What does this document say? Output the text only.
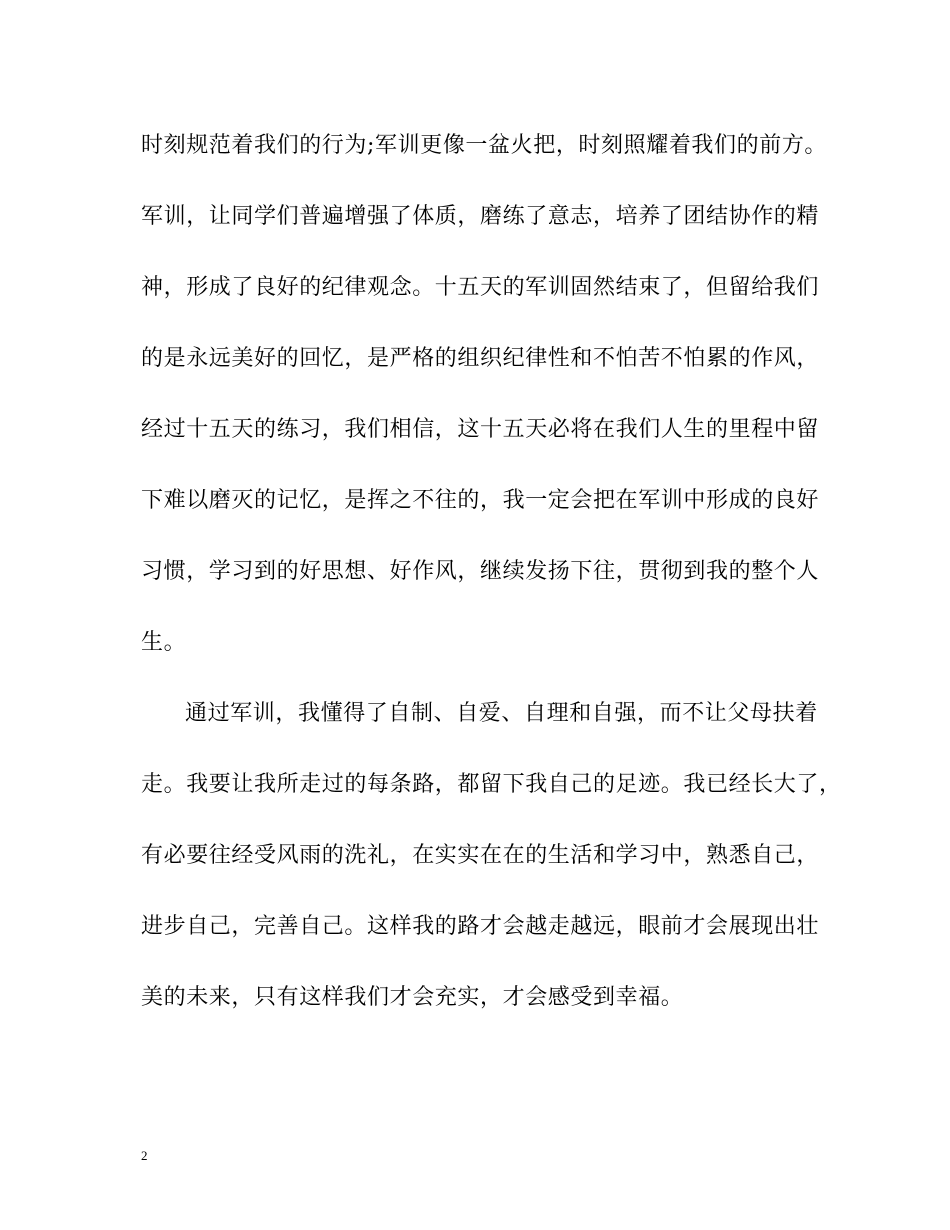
时刻规范着我们的行为;军训更像一盆火把，时刻照耀着我们的前方。
军训，让同学们普遍增强了体质，磨练了意志，培养了团结协作的精
神，形成了良好的纪律观念。十五天的军训固然结束了，但留给我们
的是永远美好的回忆，是严格的组织纪律性和不怕苦不怕累的作风，
经过十五天的练习，我们相信，这十五天必将在我们人生的里程中留
下难以磨灭的记忆，是挥之不往的，我一定会把在军训中形成的良好
习惯，学习到的好思想、好作风，继续发扬下往，贯彻到我的整个人
生。
通过军训，我懂得了自制、自爱、自理和自强，而不让父母扶着
走。我要让我所走过的每条路，都留下我自己的足迹。我已经长大了，
有必要往经受风雨的洗礼，在实实在在的生活和学习中，熟悉自己，
进步自己，完善自己。这样我的路才会越走越远，眼前才会展现出壮
美的未来，只有这样我们才会充实，才会感受到幸福。
2
